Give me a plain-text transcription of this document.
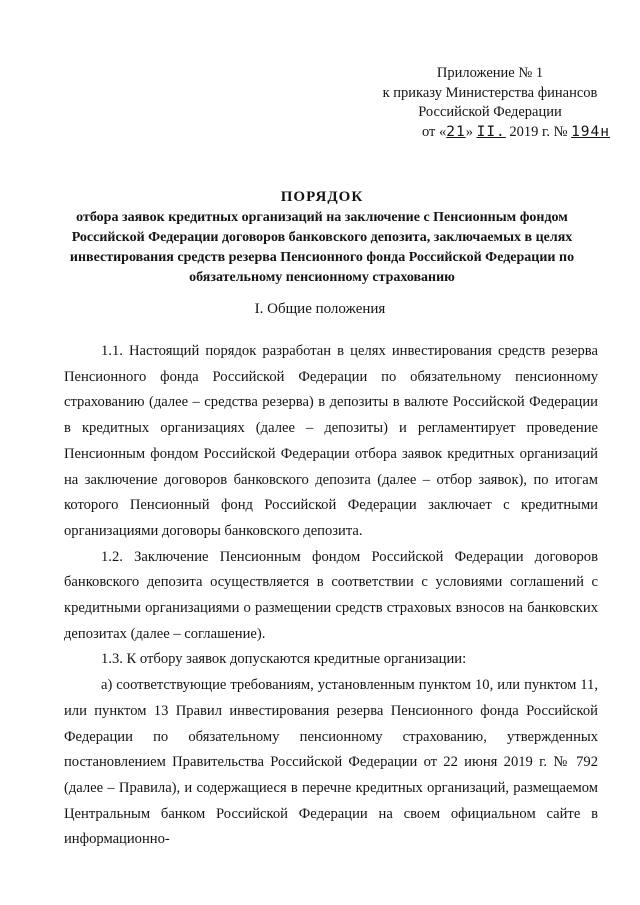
Приложение № 1
к приказу Министерства финансов
Российской Федерации
от «21» II. 2019 г. № 194н
ПОРЯДОК
отбора заявок кредитных организаций на заключение с Пенсионным фондом Российской Федерации договоров банковского депозита, заключаемых в целях инвестирования средств резерва Пенсионного фонда Российской Федерации по обязательному пенсионному страхованию
I. Общие положения

1.1. Настоящий порядок разработан в целях инвестирования средств резерва Пенсионного фонда Российской Федерации по обязательному пенсионному страхованию (далее – средства резерва) в депозиты в валюте Российской Федерации в кредитных организациях (далее – депозиты) и регламентирует проведение Пенсионным фондом Российской Федерации отбора заявок кредитных организаций на заключение договоров банковского депозита (далее – отбор заявок), по итогам которого Пенсионный фонд Российской Федерации заключает с кредитными организациями договоры банковского депозита.

1.2. Заключение Пенсионным фондом Российской Федерации договоров банковского депозита осуществляется в соответствии с условиями соглашений с кредитными организациями о размещении средств страховых взносов на банковских депозитах (далее – соглашение).

1.3. К отбору заявок допускаются кредитные организации:

а) соответствующие требованиям, установленным пунктом 10, или пунктом 11, или пунктом 13 Правил инвестирования резерва Пенсионного фонда Российской Федерации по обязательному пенсионному страхованию, утвержденных постановлением Правительства Российской Федерации от 22 июня 2019 г. № 792 (далее – Правила), и содержащиеся в перечне кредитных организаций, размещаемом Центральным банком Российской Федерации на своем официальном сайте в информационно-
